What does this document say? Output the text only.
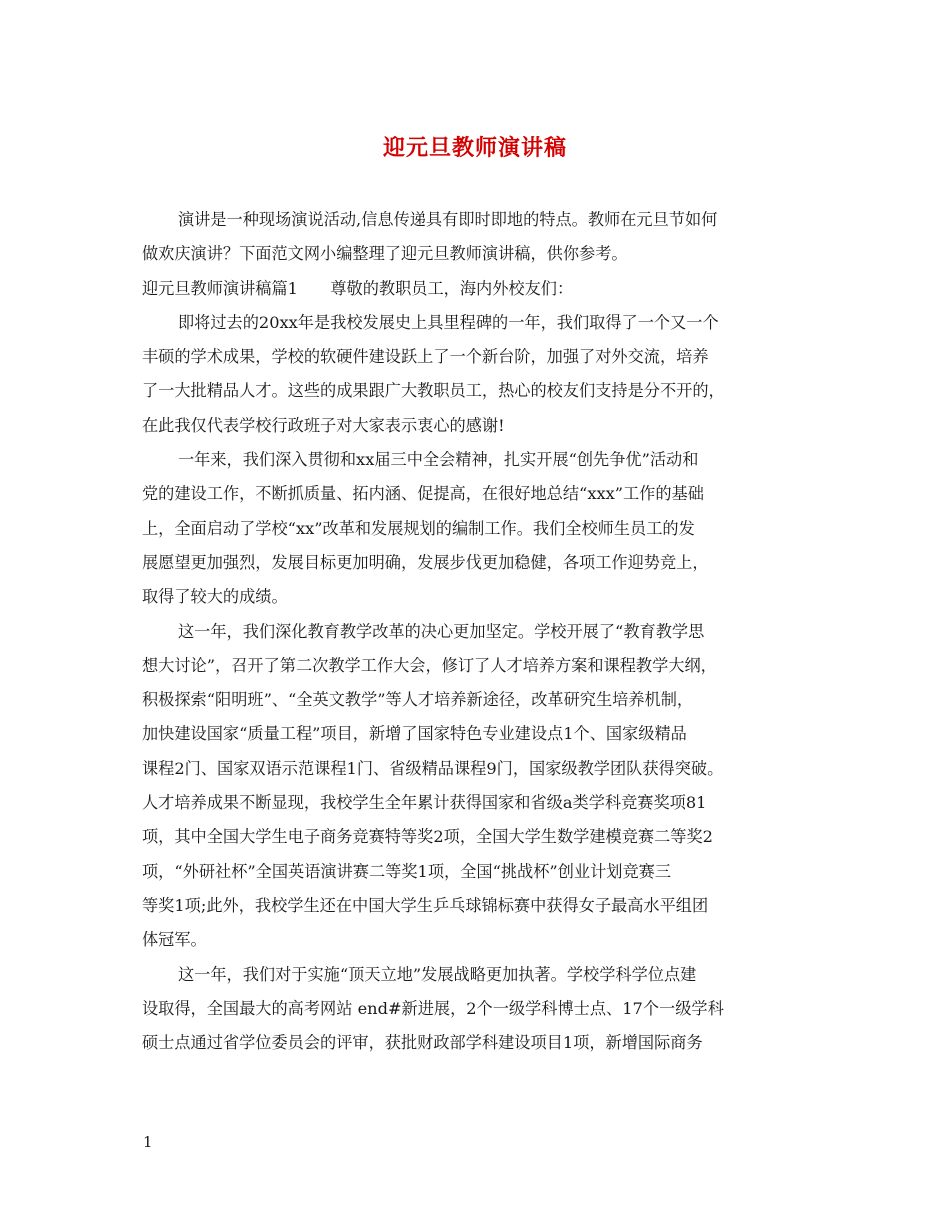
迎元旦教师演讲稿
演讲是一种现场演说活动,信息传递具有即时即地的特点。教师在元旦节如何
做欢庆演讲？下面范文网小编整理了迎元旦教师演讲稿，供你参考。
迎元旦教师演讲稿篇1　　尊敬的教职员工，海内外校友们：
即将过去的20xx年是我校发展史上具里程碑的一年，我们取得了一个又一个
丰硕的学术成果，学校的软硬件建设跃上了一个新台阶，加强了对外交流，培养
了一大批精品人才。这些的成果跟广大教职员工，热心的校友们支持是分不开的，
在此我仅代表学校行政班子对大家表示衷心的感谢!
一年来，我们深入贯彻和xx届三中全会精神，扎实开展“创先争优”活动和
党的建设工作，不断抓质量、拓内涵、促提高，在很好地总结“xxx”工作的基础
上，全面启动了学校“xx”改革和发展规划的编制工作。我们全校师生员工的发
展愿望更加强烈，发展目标更加明确，发展步伐更加稳健，各项工作迎势竞上，
取得了较大的成绩。
这一年，我们深化教育教学改革的决心更加坚定。学校开展了“教育教学思
想大讨论”，召开了第二次教学工作大会，修订了人才培养方案和课程教学大纲，
积极探索“阳明班”、“全英文教学”等人才培养新途径，改革研究生培养机制，
加快建设国家“质量工程”项目，新增了国家特色专业建设点1个、国家级精品
课程2门、国家双语示范课程1门、省级精品课程9门，国家级教学团队获得突破。
人才培养成果不断显现，我校学生全年累计获得国家和省级a类学科竞赛奖项81
项，其中全国大学生电子商务竞赛特等奖2项，全国大学生数学建模竞赛二等奖2
项，“外研社杯”全国英语演讲赛二等奖1项，全国“挑战杯”创业计划竞赛三
等奖1项;此外，我校学生还在中国大学生乒乓球锦标赛中获得女子最高水平组团
体冠军。
这一年，我们对于实施“顶天立地”发展战略更加执著。学校学科学位点建
设取得，全国最大的高考网站 end#新进展，2个一级学科博士点、17个一级学科
硕士点通过省学位委员会的评审，获批财政部学科建设项目1项，新增国际商务
1
